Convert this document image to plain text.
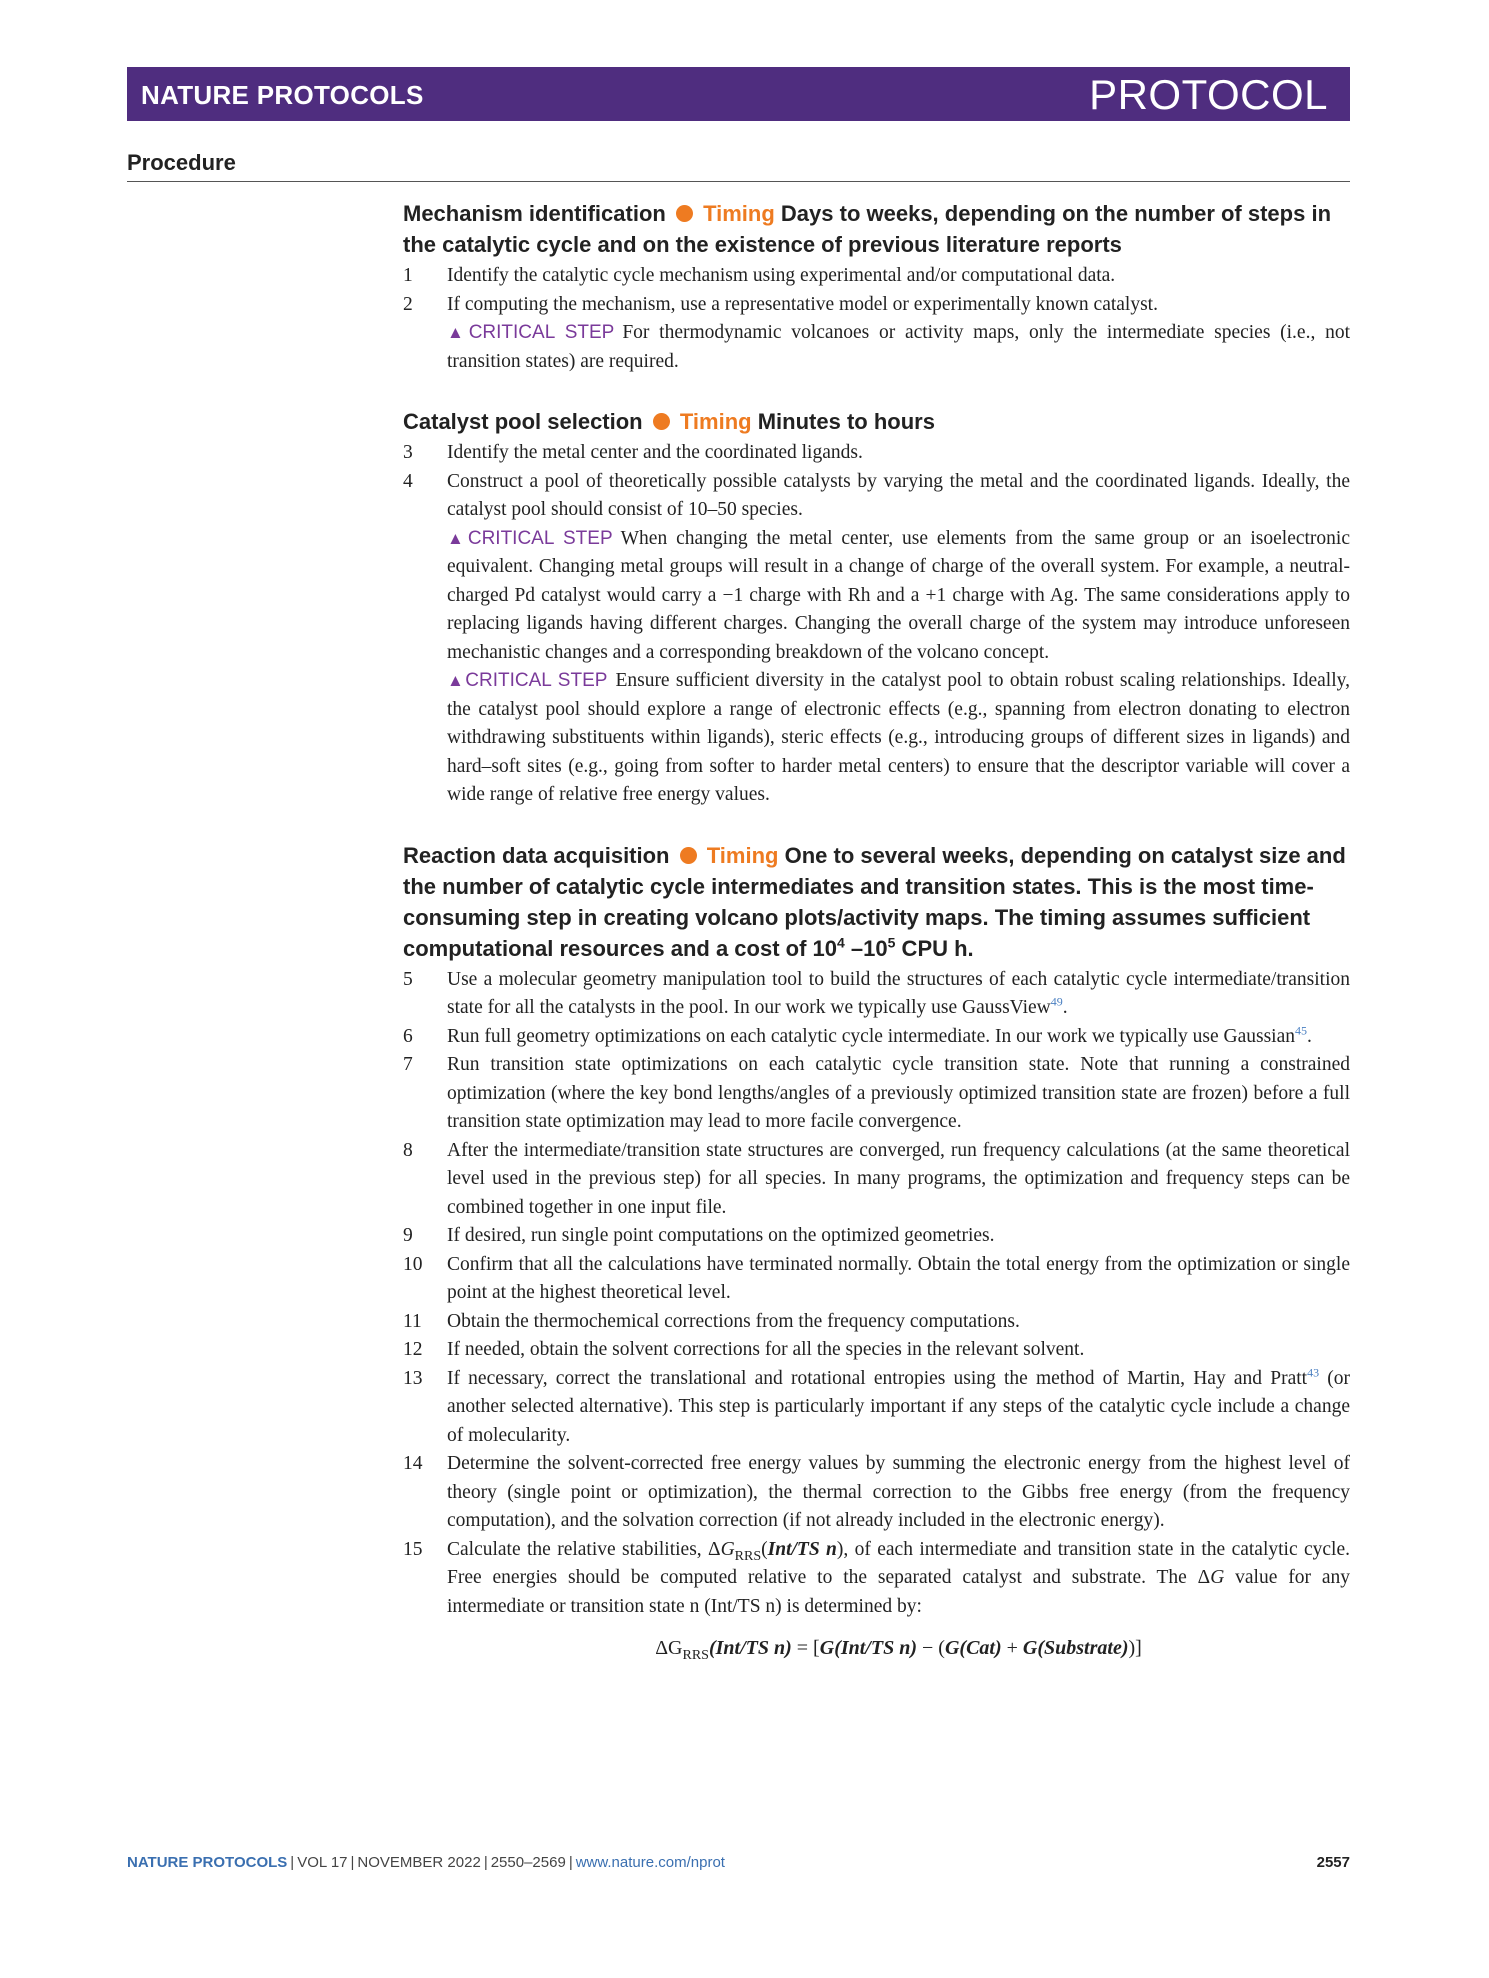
NATURE PROTOCOLS	PROTOCOL
Procedure
Mechanism identification Timing Days to weeks, depending on the number of steps in the catalytic cycle and on the existence of previous literature reports
1	Identify the catalytic cycle mechanism using experimental and/or computational data.

2	If computing the mechanism, use a representative model or experimentally known catalyst.

▲CRITICAL STEP For thermodynamic volcanoes or activity maps, only the intermediate species (i.e., not transition states) are required.
Catalyst pool selection Timing Minutes to hours
3	Identify the metal center and the coordinated ligands.

4	Construct a pool of theoretically possible catalysts by varying the metal and the coordinated ligands. Ideally, the catalyst pool should consist of 10–50 species.

▲CRITICAL STEP When changing the metal center, use elements from the same group or an isoelectronic equivalent. Changing metal groups will result in a change of charge of the overall system. For example, a neutral-charged Pd catalyst would carry a −1 charge with Rh and a +1 charge with Ag. The same considerations apply to replacing ligands having different charges. Changing the overall charge of the system may introduce unforeseen mechanistic changes and a corresponding breakdown of the volcano concept.
▲CRITICAL STEP Ensure sufficient diversity in the catalyst pool to obtain robust scaling relationships. Ideally, the catalyst pool should explore a range of electronic effects (e.g., spanning from electron donating to electron withdrawing substituents within ligands), steric effects (e.g., introducing groups of different sizes in ligands) and hard–soft sites (e.g., going from softer to harder metal centers) to ensure that the descriptor variable will cover a wide range of relative free energy values.
Reaction data acquisition Timing One to several weeks, depending on catalyst size and the number of catalytic cycle intermediates and transition states. This is the most time-consuming step in creating volcano plots/activity maps. The timing assumes sufficient computational resources and a cost of $10^4$ $-10^5$ CPU h.
5	Use a molecular geometry manipulation tool to build the structures of each catalytic cycle intermediate/transition state for all the catalysts in the pool. In our work we typically use GaussView$^{49}$.

6	Run full geometry optimizations on each catalytic cycle intermediate. In our work we typically use Gaussian$^{45}$.

7	Run transition state optimizations on each catalytic cycle transition state. Note that running a constrained optimization (where the key bond lengths/angles of a previously optimized transition state are frozen) before a full transition state optimization may lead to more facile convergence.

8	After the intermediate/transition state structures are converged, run frequency calculations (at the same theoretical level used in the previous step) for all species. In many programs, the optimization and frequency steps can be combined together in one input file.

9	If desired, run single point computations on the optimized geometries.

10	Confirm that all the calculations have terminated normally. Obtain the total energy from the optimization or single point at the highest theoretical level.

11	Obtain the thermochemical corrections from the frequency computations.

12	If needed, obtain the solvent corrections for all the species in the relevant solvent.

13	If necessary, correct the translational and rotational entropies using the method of Martin, Hay and Pratt$^{43}$ (or another selected alternative). This step is particularly important if any steps of the catalytic cycle include a change of molecularity.

14	Determine the solvent-corrected free energy values by summing the electronic energy from the highest level of theory (single point or optimization), the thermal correction to the Gibbs free energy (from the frequency computation), and the solvation correction (if not already included in the electronic energy).

15	Calculate the relative stabilities, $\Delta G_{RRS}(Int/TS$ n), of each intermediate and transition state in the catalytic cycle. Free energies should be computed relative to the separated catalyst and substrate. The ΔG value for any intermediate or transition state n (Int/TS n) is determined by:

$\Delta G_{RRS}(Int/TS$ n) = [G(Int/TS n) − (G(Cat) + G(Substrate))]
NATURE PROTOCOLS | VOL 17 | NOVEMBER 2022 | 2550–2569 | www.nature.com/nprot	2557
